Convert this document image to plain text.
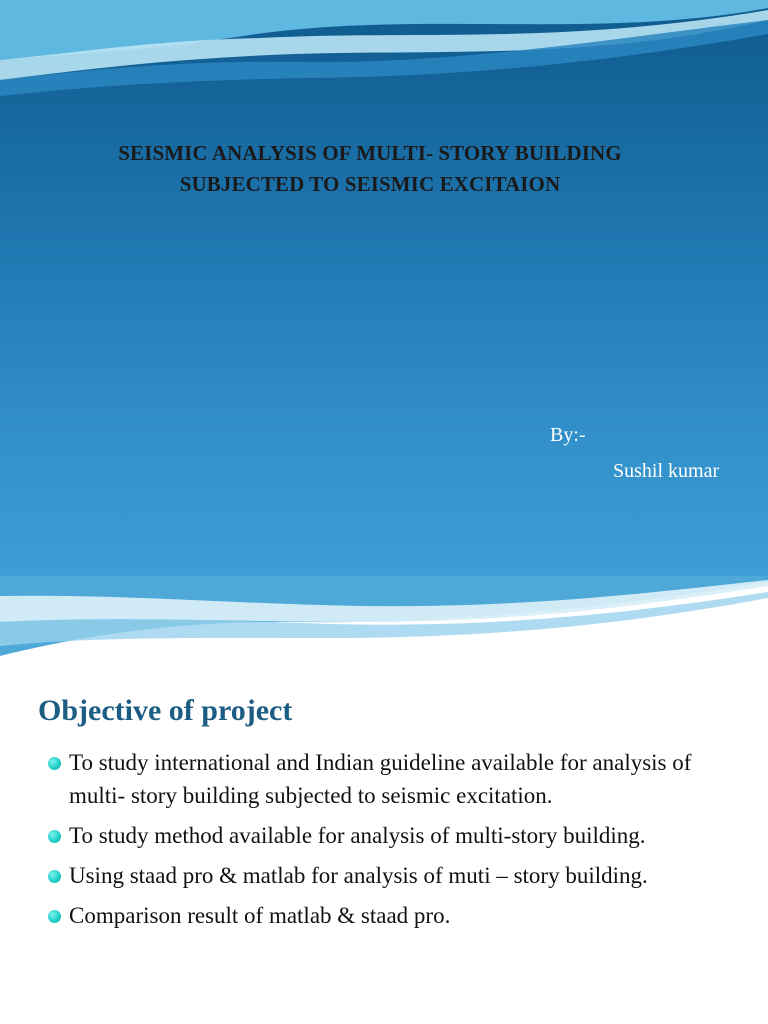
SEISMIC ANALYSIS OF MULTI- STORY BUILDING
SUBJECTED TO SEISMIC EXCITAION
By:-
Sushil kumar
Objective of project
To study international and Indian guideline available for analysis of multi- story building subjected to seismic excitation.
To study method available for analysis of multi-story building.
Using staad pro & matlab for analysis of muti – story building.
Comparison result of matlab & staad pro.
